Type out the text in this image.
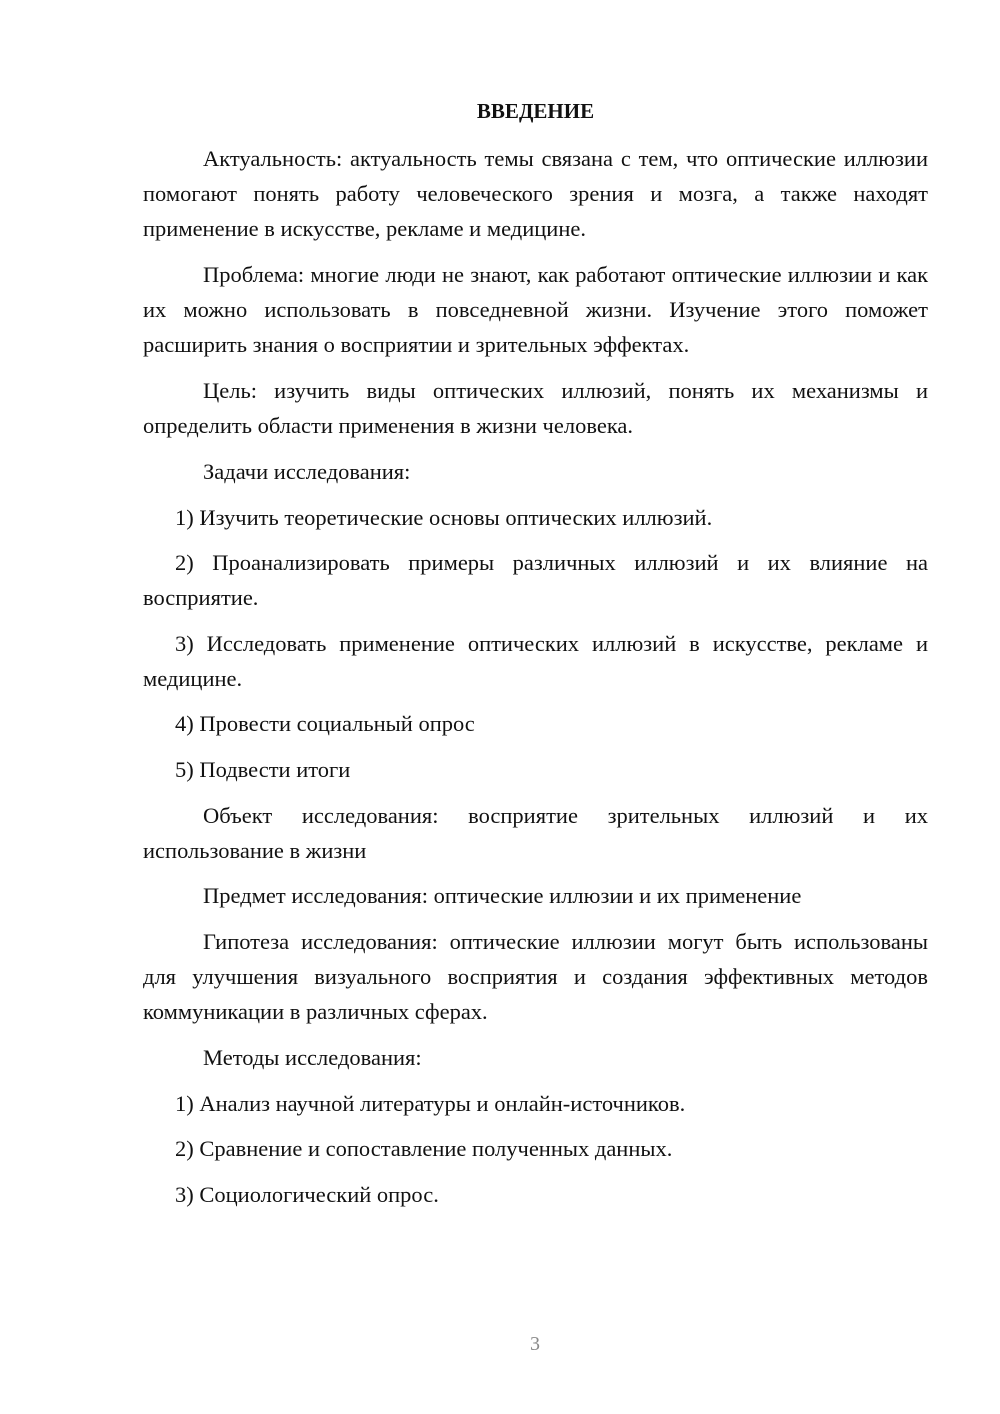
ВВЕДЕНИЕ

Актуальность: актуальность темы связана с тем, что оптические иллюзии помогают понять работу человеческого зрения и мозга, а также находят применение в искусстве, рекламе и медицине.

Проблема: многие люди не знают, как работают оптические иллюзии и как их можно использовать в повседневной жизни. Изучение этого поможет расширить знания о восприятии и зрительных эффектах.

Цель: изучить виды оптических иллюзий, понять их механизмы и определить области применения в жизни человека.

Задачи исследования:

1) Изучить теоретические основы оптических иллюзий.

2) Проанализировать примеры различных иллюзий и их влияние на восприятие.

3) Исследовать применение оптических иллюзий в искусстве, рекламе и медицине.

4) Провести социальный опрос

5) Подвести итоги

Объект исследования: восприятие зрительных иллюзий и их использование в жизни

Предмет исследования: оптические иллюзии и их применение

Гипотеза исследования: оптические иллюзии могут быть использованы для улучшения визуального восприятия и создания эффективных методов коммуникации в различных сферах.

Методы исследования:

1) Анализ научной литературы и онлайн-источников.

2) Сравнение и сопоставление полученных данных.

3) Социологический опрос.

3
